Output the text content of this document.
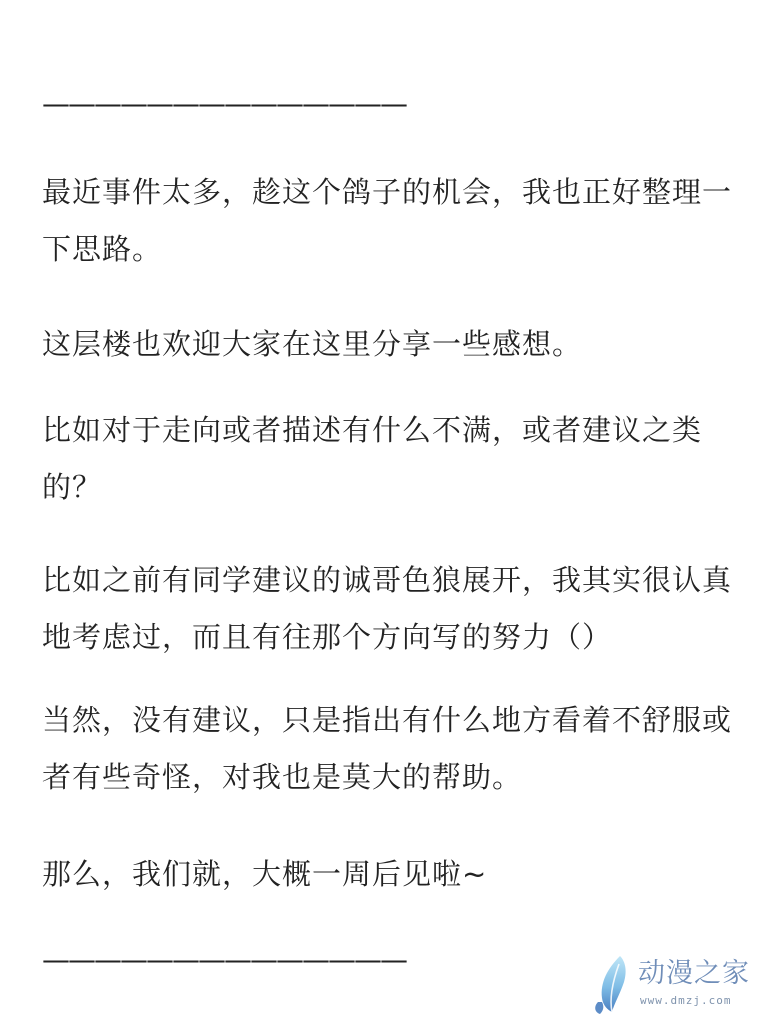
——————————————

最近事件太多，趁这个鸽子的机会，我也正好整理一下思路。

这层楼也欢迎大家在这里分享一些感想。

比如对于走向或者描述有什么不满，或者建议之类的？

比如之前有同学建议的诚哥色狼展开，我其实很认真地考虑过，而且有往那个方向写的努力（）

当然，没有建议，只是指出有什么地方看着不舒服或者有些奇怪，对我也是莫大的帮助。

那么，我们就，大概一周后见啦~

——————————————	动漫之家
www.dmzj.com
